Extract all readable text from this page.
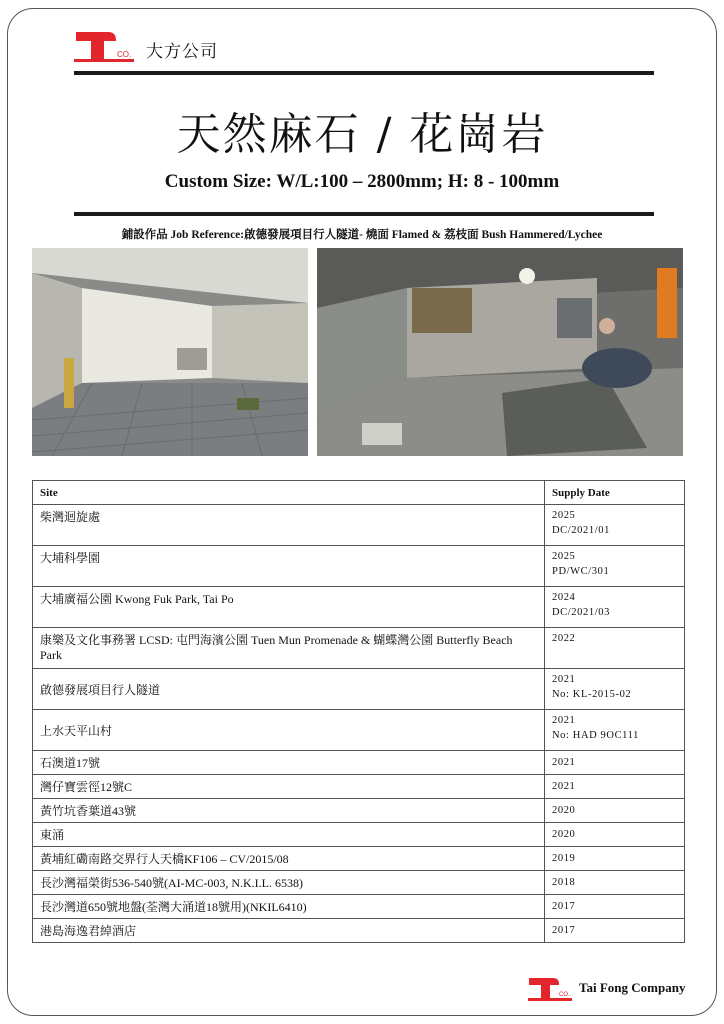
CO. 大方公司
天然麻石 / 花崗岩
Custom Size: W/L:100 – 2800mm; H: 8 - 100mm
鋪設作品 Job Reference:啟德發展項目行人隧道- 燒面 Flamed & 荔枝面 Bush Hammered/Lychee
Site	Supply Date
柴灣迴旋處	2025
DC/2021/01

大埔科學園	2025
PD/WC/301

大埔廣福公園 Kwong Fuk Park, Tai Po	2024
DC/2021/03

康樂及文化事務署 LCSD: 屯門海濱公園 Tuen Mun Promenade & 蝴蝶灣公園 Butterfly Beach Park	2022

啟德發展項目行人隧道	2021
No: KL-2015-02

上水天平山村	2021
No: HAD 9OC111

石澳道17號	2021

灣仔寶雲徑12號C	2021

黃竹坑香葉道43號	2020

東涌	2020

黃埔紅磡南路交界行人天橋KF106 – CV/2015/08	2019

長沙灣福榮街536-540號(AI-MC-003, N.K.I.L. 6538)	2018

長沙灣道650號地盤(荃灣大涌道18號用)(NKIL6410)	2017

港島海逸君綽酒店	2017
CO. Tai Fong Company
